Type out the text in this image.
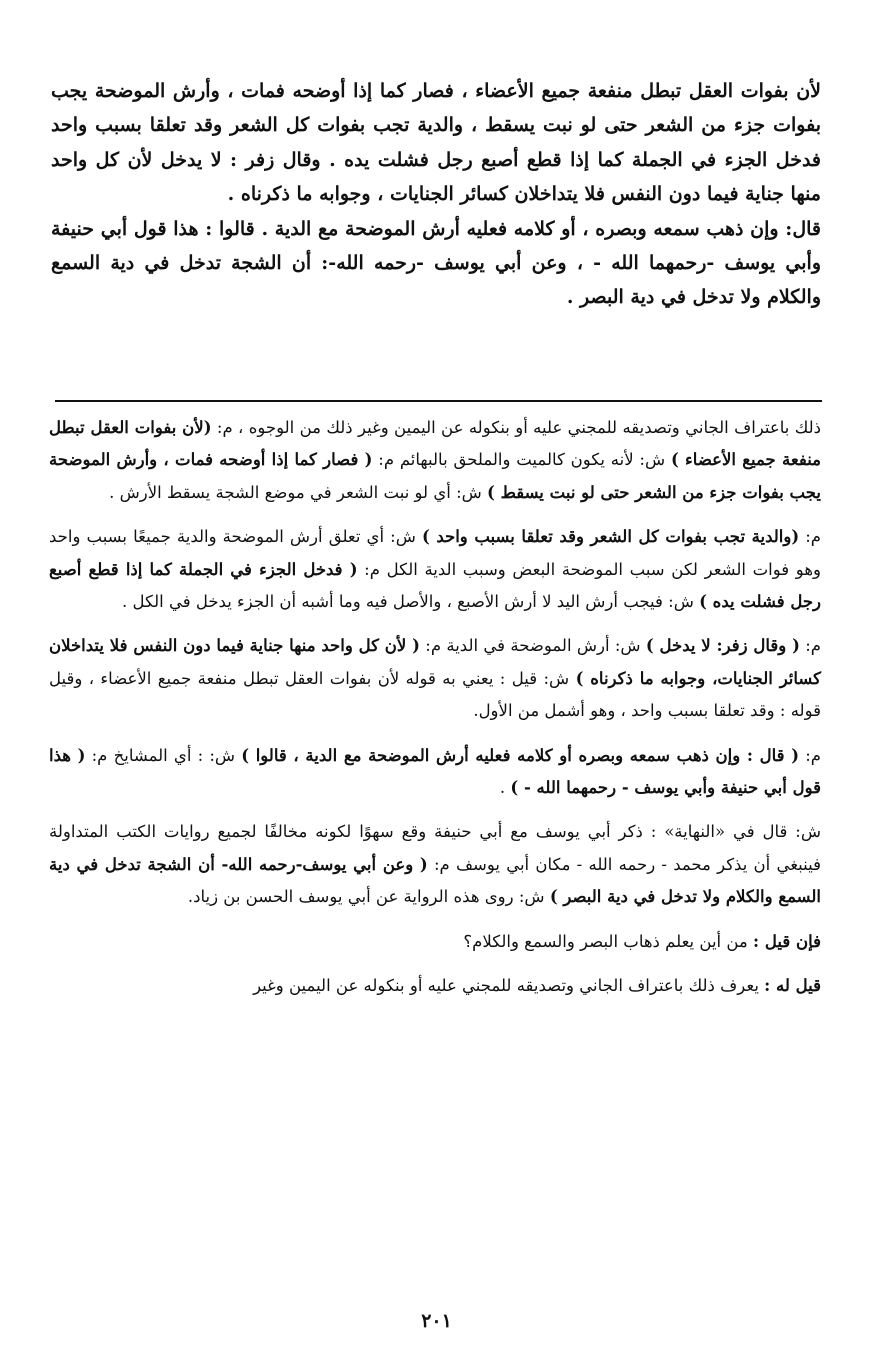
لأن بفوات العقل تبطل منفعة جميع الأعضاء ، فصار كما إذا أوضحه فمات ، وأرش الموضحة يجب بفوات جزء من الشعر حتى لو نبت يسقط ، والدية تجب بفوات كل الشعر وقد تعلقا بسبب واحد فدخل الجزء في الجملة كما إذا قطع أصبع رجل فشلت يده . وقال زفر : لا يدخل لأن كل واحد منها جناية فيما دون النفس فلا يتداخلان كسائر الجنايات ، وجوابه ما ذكرناه .

قال: وإن ذهب سمعه وبصره ، أو كلامه فعليه أرش الموضحة مع الدية . قالوا : هذا قول أبي حنيفة وأبي يوسف -رحمهما الله - ، وعن أبي يوسف -رحمه الله-: أن الشجة تدخل في دية السمع والكلام ولا تدخل في دية البصر .

ذلك باعتراف الجاني وتصديقه للمجني عليه أو بنكوله عن اليمين وغير ذلك من الوجوه ، م: (لأن بفوات العقل تبطل منفعة جميع الأعضاء ) ش: لأنه يكون كالميت والملحق بالبهائم م: ( فصار كما إذا أوضحه فمات ، وأرش الموضحة يجب بفوات جزء من الشعر حتى لو نبت يسقط ) ش: أي لو نبت الشعر في موضع الشجة يسقط الأرش .

م: (والدية تجب بفوات كل الشعر وقد تعلقا بسبب واحد ) ش: أي تعلق أرش الموضحة والدية جميعًا بسبب واحد وهو فوات الشعر لكن سبب الموضحة البعض وسبب الدية الكل م: ( فدخل الجزء في الجملة كما إذا قطع أصبع رجل فشلت يده ) ش: فيجب أرش اليد لا أرش الأصبع ، والأصل فيه وما أشبه أن الجزء يدخل في الكل .

م: ( وقال زفر: لا يدخل ) ش: أرش الموضحة في الدية م: ( لأن كل واحد منها جناية فيما دون النفس فلا يتداخلان كسائر الجنايات، وجوابه ما ذكرناه ) ش: قيل : يعني به قوله لأن بفوات العقل تبطل منفعة جميع الأعضاء ، وقيل قوله : وقد تعلقا بسبب واحد ، وهو أشمل من الأول.

م: ( قال : وإن ذهب سمعه وبصره أو كلامه فعليه أرش الموضحة مع الدية ، قالوا ) ش: : أي المشايخ م: ( هذا قول أبي حنيفة وأبي يوسف - رحمهما الله - ) .

ش: قال في «النهاية» : ذكر أبي يوسف مع أبي حنيفة وقع سهوًا لكونه مخالفًا لجميع روايات الكتب المتداولة فينبغي أن يذكر محمد - رحمه الله - مكان أبي يوسف م: ( وعن أبي يوسف-رحمه الله- أن الشجة تدخل في دية السمع والكلام ولا تدخل في دية البصر ) ش: روى هذه الرواية عن أبي يوسف الحسن بن زياد.

فإن قيل : من أين يعلم ذهاب البصر والسمع والكلام؟

قيل له : يعرف ذلك باعتراف الجاني وتصديقه للمجني عليه أو بنكوله عن اليمين وغير

٢٠١
